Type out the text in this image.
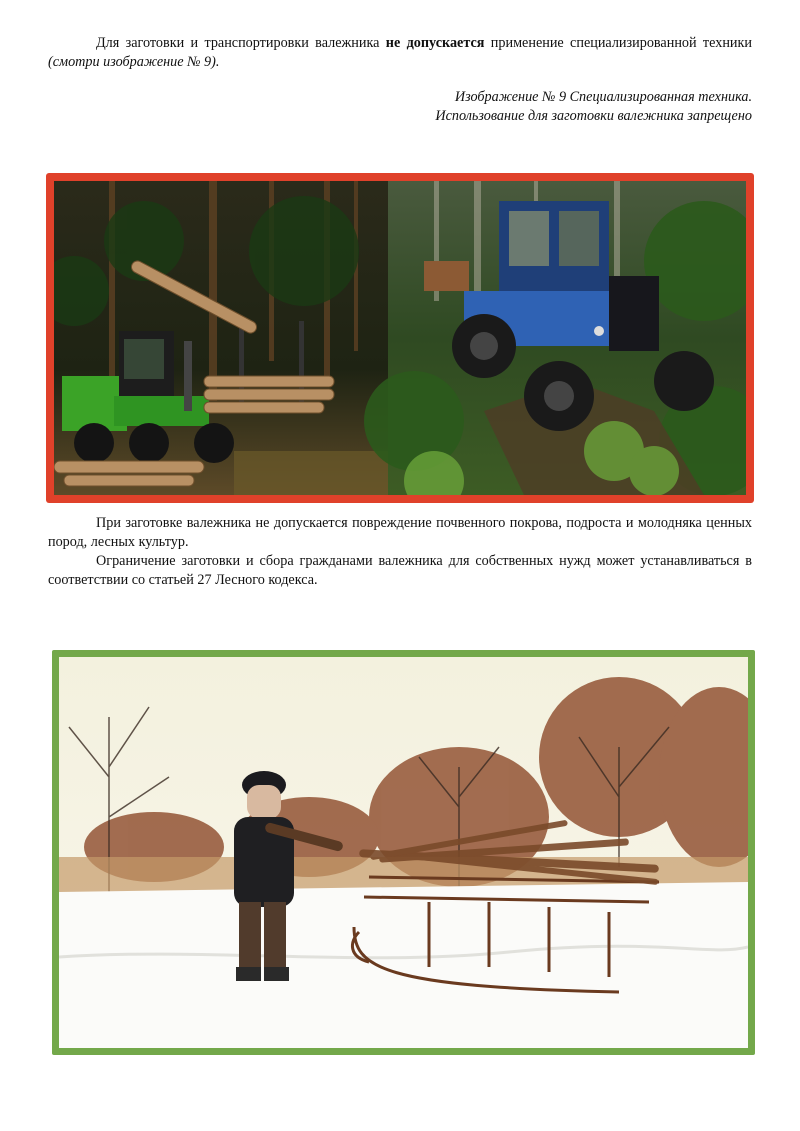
Для заготовки и транспортировки валежника не допускается применение специализированной техники (смотри изображение № 9).

Изображение № 9 Специализированная техника.
Использование для заготовки валежника запрещено

При заготовке валежника не допускается повреждение почвенного покрова, подроста и молодняка ценных пород, лесных культур.

Ограничение заготовки и сбора гражданами валежника для собственных нужд может устанавливаться в соответствии со статьей 27 Лесного кодекса.
